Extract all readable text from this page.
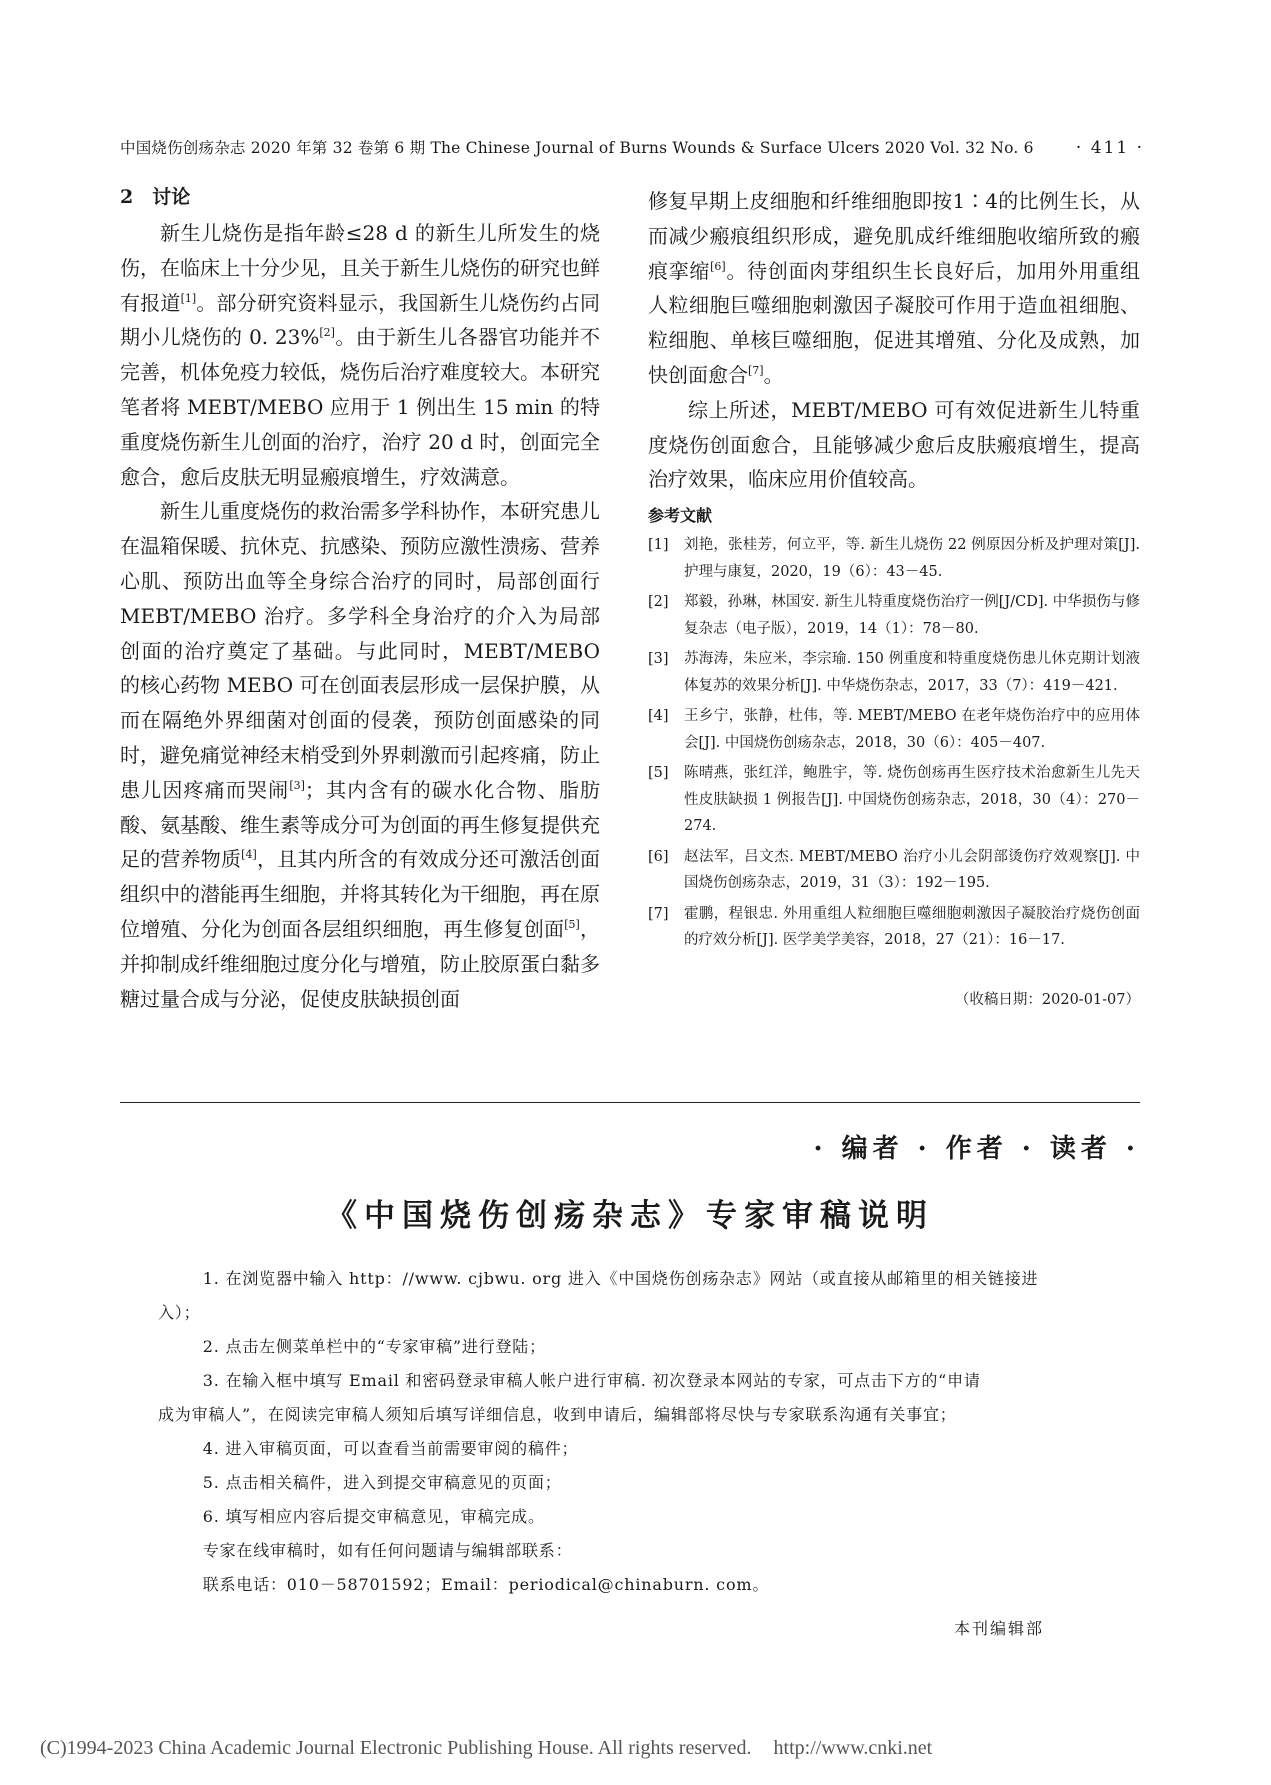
中国烧伤创疡杂志 2020 年第 32 卷第 6 期 The Chinese Journal of Burns Wounds & Surface Ulcers 2020 Vol. 32 No. 6 · 411 ·
2　讨论

新生儿烧伤是指年龄≤28 d 的新生儿所发生的烧伤，在临床上十分少见，且关于新生儿烧伤的研究也鲜有报道[1]。部分研究资料显示，我国新生儿烧伤约占同期小儿烧伤的 0. 23%[2]。由于新生儿各器官功能并不完善，机体免疫力较低，烧伤后治疗难度较大。本研究笔者将 MEBT/MEBO 应用于 1 例出生 15 min 的特重度烧伤新生儿创面的治疗，治疗 20 d 时，创面完全愈合，愈后皮肤无明显瘢痕增生，疗效满意。

新生儿重度烧伤的救治需多学科协作，本研究患儿在温箱保暖、抗休克、抗感染、预防应激性溃疡、营养心肌、预防出血等全身综合治疗的同时，局部创面行 MEBT/MEBO 治疗。多学科全身治疗的介入为局部创面的治疗奠定了基础。与此同时，MEBT/MEBO 的核心药物 MEBO 可在创面表层形成一层保护膜，从而在隔绝外界细菌对创面的侵袭，预防创面感染的同时，避免痛觉神经末梢受到外界刺激而引起疼痛，防止患儿因疼痛而哭闹[3]；其内含有的碳水化合物、脂肪酸、氨基酸、维生素等成分可为创面的再生修复提供充足的营养物质[4]，且其内所含的有效成分还可激活创面组织中的潜能再生细胞，并将其转化为干细胞，再在原位增殖、分化为创面各层组织细胞，再生修复创面[5]，并抑制成纤维细胞过度分化与增殖，防止胶原蛋白黏多糖过量合成与分泌，促使皮肤缺损创面

修复早期上皮细胞和纤维细胞即按1∶4的比例生长，从而减少瘢痕组织形成，避免肌成纤维细胞收缩所致的瘢痕挛缩[6]。待创面肉芽组织生长良好后，加用外用重组人粒细胞巨噬细胞刺激因子凝胶可作用于造血祖细胞、粒细胞、单核巨噬细胞，促进其增殖、分化及成熟，加快创面愈合[7]。

综上所述，MEBT/MEBO 可有效促进新生儿特重度烧伤创面愈合，且能够减少愈后皮肤瘢痕增生，提高治疗效果，临床应用价值较高。

参考文献
[1]	刘艳，张桂芳，何立平，等. 新生儿烧伤 22 例原因分析及护理对策[J]. 护理与康复，2020，19（6）：43－45.
[2]	郑毅，孙琳，林国安. 新生儿特重度烧伤治疗一例[J/CD]. 中华损伤与修复杂志（电子版），2019，14（1）：78－80.
[3]	苏海涛，朱应米，李宗瑜. 150 例重度和特重度烧伤患儿休克期计划液体复苏的效果分析[J]. 中华烧伤杂志，2017，33（7）：419－421.
[4]	王乡宁，张静，杜伟，等. MEBT/MEBO 在老年烧伤治疗中的应用体会[J]. 中国烧伤创疡杂志，2018，30（6）：405－407.
[5]	陈晴燕，张红洋，鲍胜宇，等. 烧伤创疡再生医疗技术治愈新生儿先天性皮肤缺损 1 例报告[J]. 中国烧伤创疡杂志，2018，30（4）：270－274.
[6]	赵法军，吕文杰. MEBT/MEBO 治疗小儿会阴部烫伤疗效观察[J]. 中国烧伤创疡杂志，2019，31（3）：192－195.
[7]	霍鹏，程银忠. 外用重组人粒细胞巨噬细胞刺激因子凝胶治疗烧伤创面的疗效分析[J]. 医学美学美容，2018，27（21）：16－17.
（收稿日期：2020-01-07）
· 编者 · 作者 · 读者 ·
《中国烧伤创疡杂志》专家审稿说明

1. 在浏览器中输入 http：//www. cjbwu. org 进入《中国烧伤创疡杂志》网站（或直接从邮箱里的相关链接进

入）；

2. 点击左侧菜单栏中的“专家审稿”进行登陆；

3. 在输入框中填写 Email 和密码登录审稿人帐户进行审稿. 初次登录本网站的专家，可点击下方的“申请

成为审稿人”，在阅读完审稿人须知后填写详细信息，收到申请后，编辑部将尽快与专家联系沟通有关事宜；

4. 进入审稿页面，可以查看当前需要审阅的稿件；

5. 点击相关稿件，进入到提交审稿意见的页面；

6. 填写相应内容后提交审稿意见，审稿完成。

专家在线审稿时，如有任何问题请与编辑部联系：

联系电话：010－58701592；Email：periodical@chinaburn. com。

本刊编辑部
(C)1994-2023 China Academic Journal Electronic Publishing House. All rights reserved. http://www.cnki.net
